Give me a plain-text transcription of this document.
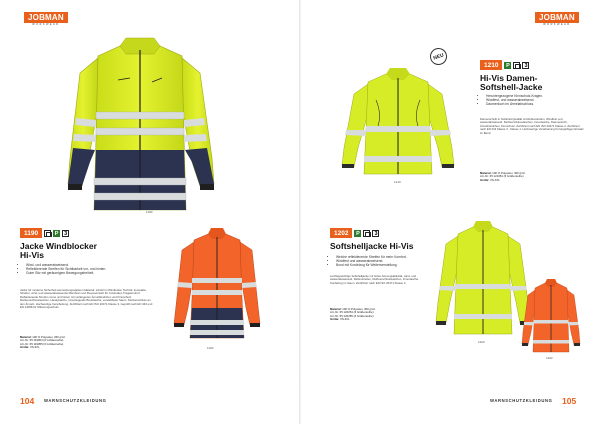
JOBMAN
WORKWEAR
1190
1190	P	3
Jacke Windblocker
Hi-Vis
• Wind- und wasserabweisend.
• Reflektierende Streifen für Sichtbarkeit vor- und hinten.
• Guter Sitz mit geräumigem Bewegungsfreiheit.
Jacke für moderne Sicherheit aus leistungsstarkem Material, schützt in Windlocker Technik, kompakte Struktur, wind- und wasserabweisende Membran und Fleeceeinsatz für maximalen Tragekomfort. Reflektierende Streifen vorne und hinten mit verlängerten Ärmelbündchen und Kinnschutz. Reißverschlusstaschen, Handytasche, innenliegende Brusttasche, verstellbarer Saum. Klettverschluss an den Ärmeln. Hochwertige Verarbeitung. Zertifiziert nach EN ISO 20471 Klasse 3. Geprüft nach EN 343 und EN 14058 für Witterungsschutz.
Material: 100 % Polyester, 260 g/m².
Art.-Nr. 65 119054 (6 Größenreihe)
Art.-Nr. 65 119055 (6 Größenreihe)
Größe: XS-3XL	1190
104 WARNSCHUTZKLEIDUNG
JOBMAN
WORKWEAR
1210
NEU
1210	P	3
Hi-Vis Damen-
Softshell-Jacke
• Heruntergezogene Kinnschutz-Kragen.
• Windfest- und wasserabweisend.
• Daumenloch im Ärmelabschluss.
Damenschnitt in Softshell-Qualität mit Reflexstreifen, Windfest und wasserabweisend. Reißverschlusstaschen, Innentasche, Daumenloch, Ärmelbündchen, Kinnschutz. Zertifiziert nach EN ISO 20471 Klasse 2. Zertifiziert nach EN 343 Klasse 3 - Klasse 1. Hochwertige Verarbeitung für langlebigen Einsatz im Beruf.
Material: 100 % Polyester, 300 g/m².
Art.-Nr. 65 121054 (6 Größenreihe)
Größe: XS-XXL
1202	P	3
Softshelljacke Hi-Vis
• Weiche reflektierende Streifen für mehr Komfort.
• Windfest und wasserabweisend.
• Bund mit Kordelzug für Weitenverstellung.
Leichtgewichtige Softshelljacke mit hoher Atmungsaktivität, wind- und wasserabweisend. Reflexstreifen, Reißverschlusstaschen, Innentasche, Kordelzug im Saum. Zertifiziert nach EN ISO 20471 Klasse 3.
Material: 100 % Polyester, 300 g/m².
Art.-Nr. 65 120254 (6 Größenreihe)
Art.-Nr. 65 120255 (6 Größenreihe)
Größe: XS-3XL
1202
1202
WARNSCHUTZKLEIDUNG 105
